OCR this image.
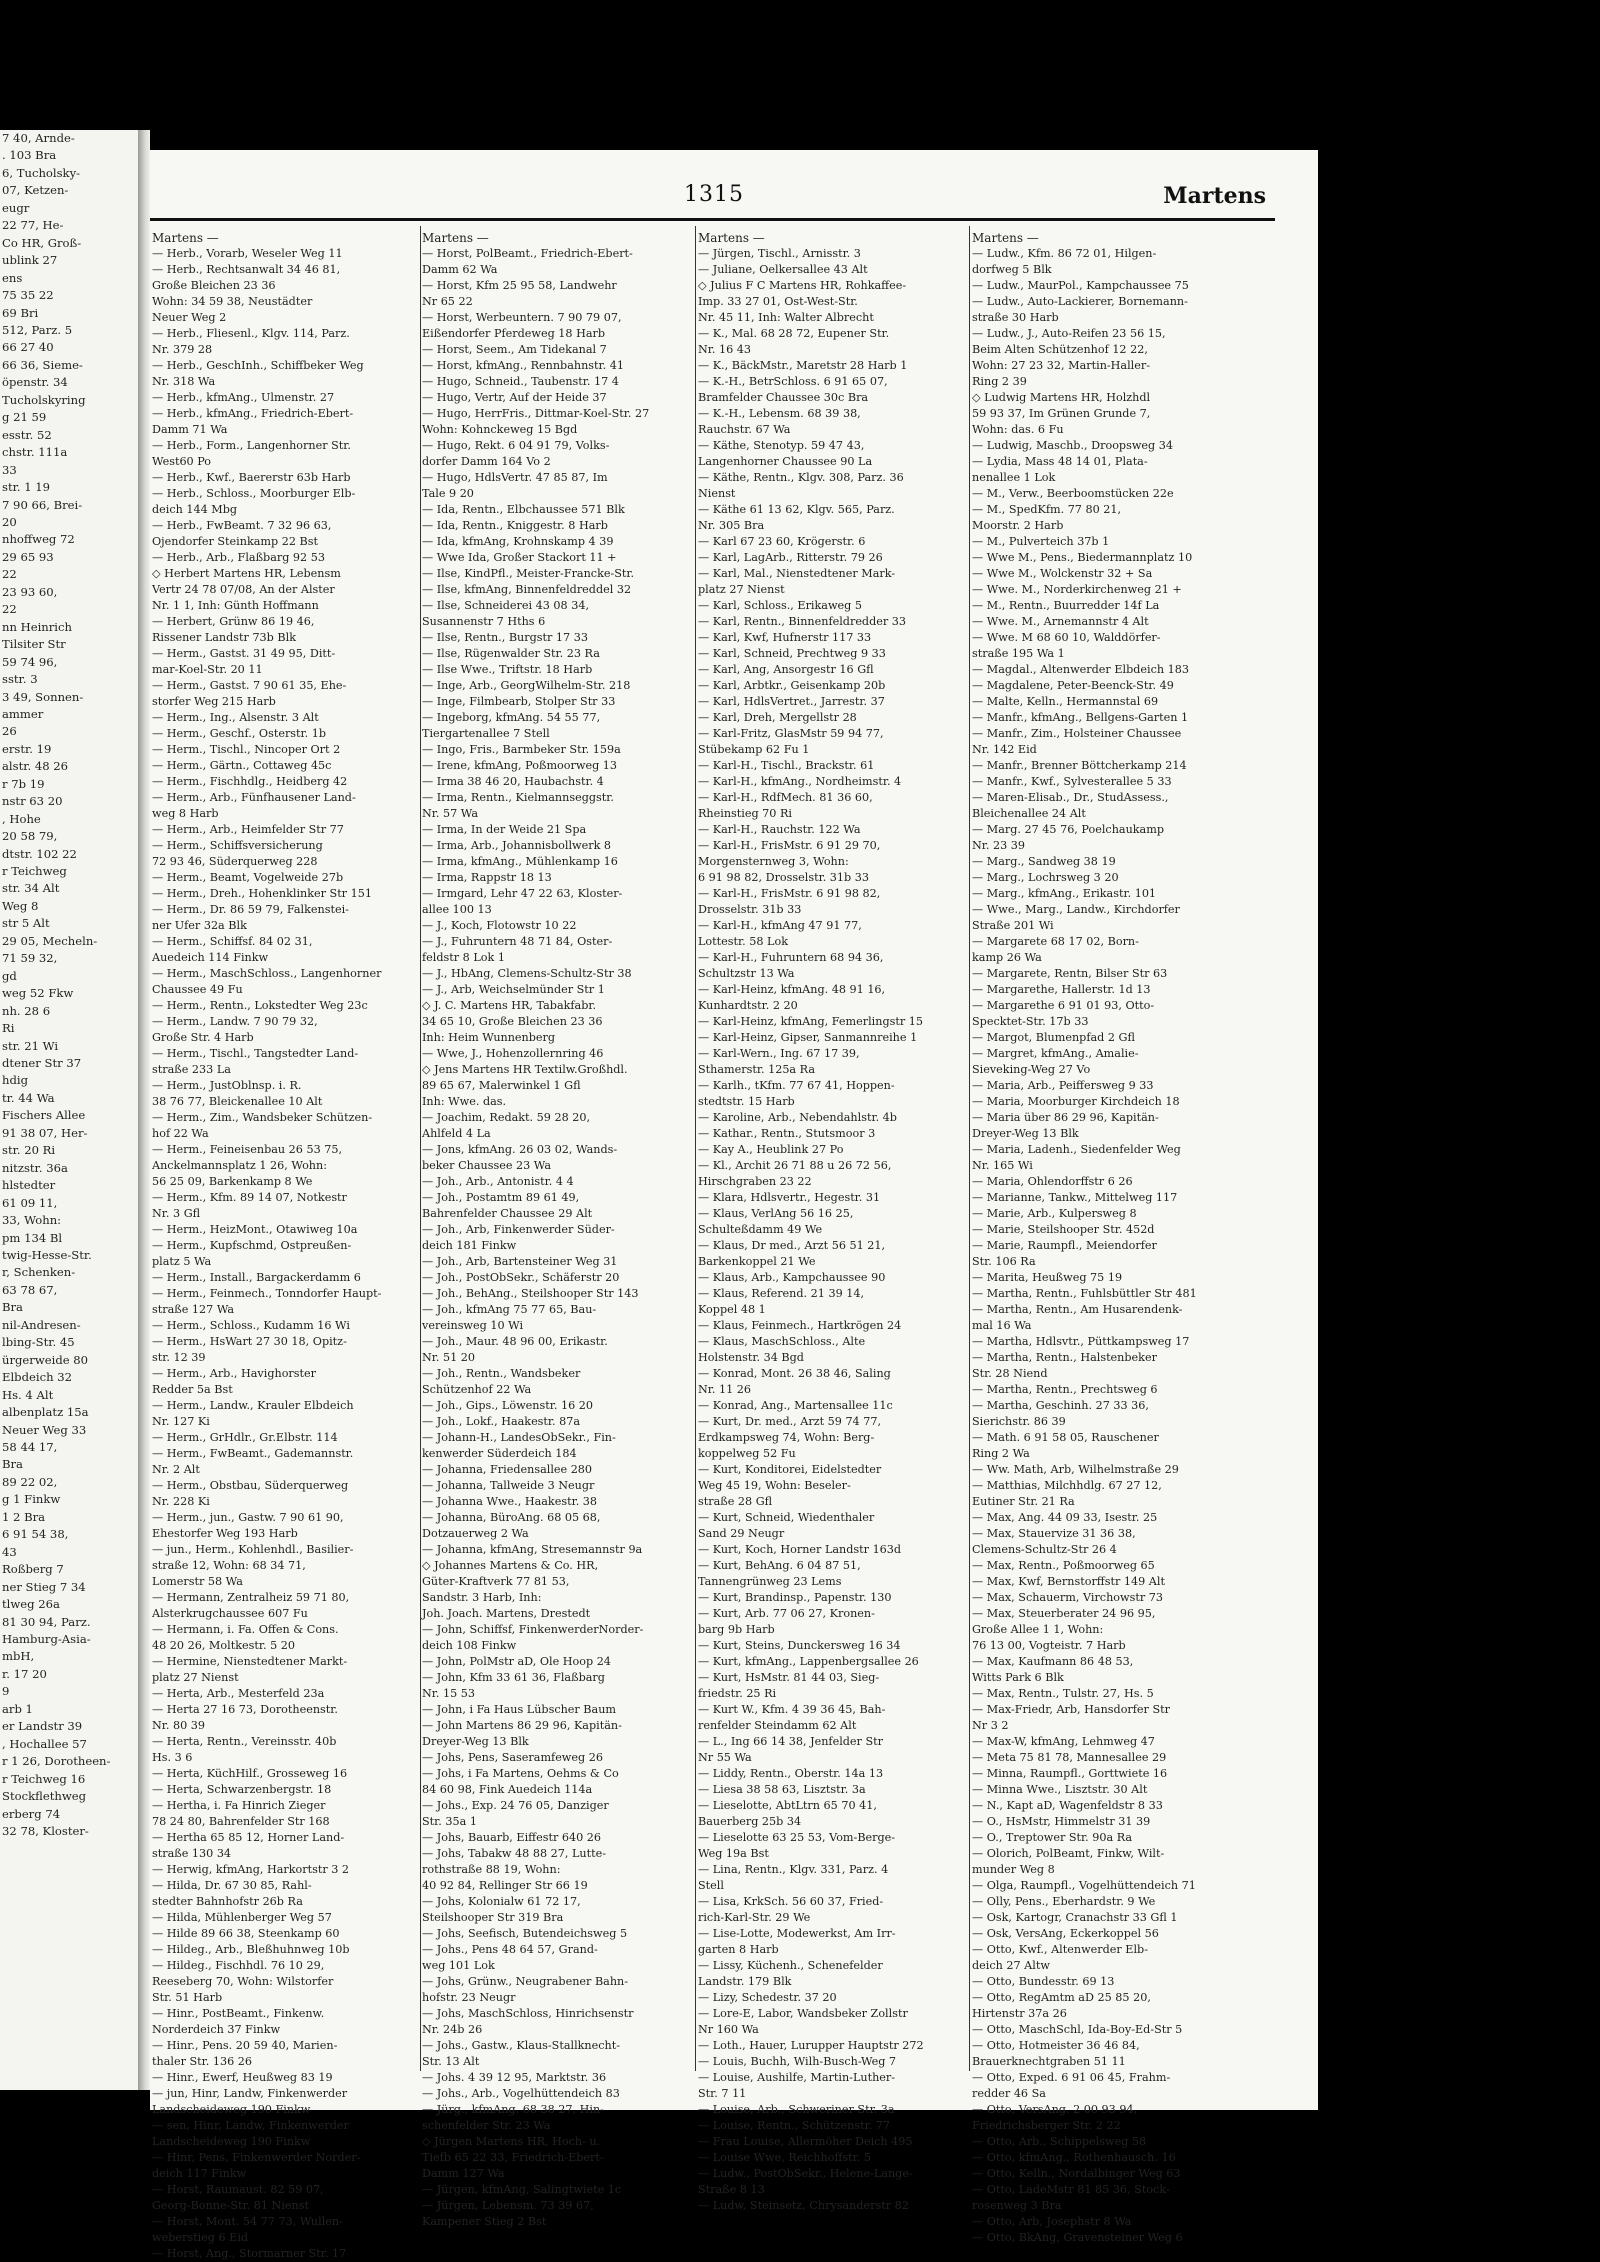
7 40, Arnde-
. 103 Bra
6, Tucholsky-
07, Ketzen-
eugr
22 77, He-
Co HR, Groß-
ublink 27
ens
75 35 22
69 Bri
512, Parz. 5
66 27 40
66 36, Sieme-
öpenstr. 34
Tucholskyring
g 21 59
esstr. 52
chstr. 111a
33
str. 1 19
7 90 66, Brei-
20
nhoffweg 72
29 65 93
22
23 93 60,
22
nn Heinrich
Tilsiter Str
59 74 96,
sstr. 3
3 49, Sonnen-
ammer
26
erstr. 19
alstr. 48 26
r 7b 19
nstr 63 20
, Hohe
20 58 79,
dtstr. 102 22
r Teichweg
str. 34 Alt
Weg 8
str 5 Alt
29 05, Mecheln-
71 59 32,
gd
weg 52 Fkw
nh. 28 6
Ri
str. 21 Wi
dtener Str 37
hdig
tr. 44 Wa
Fischers Allee
91 38 07, Her-
str. 20 Ri
nitzstr. 36a
hlstedter
61 09 11,
33, Wohn:
pm 134 Bl
twig-Hesse-Str.
r, Schenken-
63 78 67,
Bra
nil-Andresen-
lbing-Str. 45
ürgerweide 80
Elbdeich 32
Hs. 4 Alt
albenplatz 15a
Neuer Weg 33
58 44 17,
Bra
89 22 02,
g 1 Finkw
1 2 Bra
6 91 54 38,
43
Roßberg 7
ner Stieg 7 34
tlweg 26a
81 30 94, Parz.
Hamburg-Asia-
mbH,
r. 17 20
9
arb 1
er Landstr 39
, Hochallee 57
r 1 26, Dorotheen-
r Teichweg 16
Stockflethweg
erberg 74
32 78, Kloster-
1315	Martens
Martens —
— Herb., Vorarb, Weseler Weg 11
— Herb., Rechtsanwalt 34 46 81,
Große Bleichen 23 36
Wohn: 34 59 38, Neustädter
Neuer Weg 2
— Herb., Fliesenl., Klgv. 114, Parz.
Nr. 379 28
— Herb., GeschInh., Schiffbeker Weg
Nr. 318 Wa
— Herb., kfmAng., Ulmenstr. 27
— Herb., kfmAng., Friedrich-Ebert-
Damm 71 Wa
— Herb., Form., Langenhorner Str.
West60 Po
— Herb., Kwf., Baererstr 63b Harb
— Herb., Schloss., Moorburger Elb-
deich 144 Mbg
— Herb., FwBeamt. 7 32 96 63,
Ojendorfer Steinkamp 22 Bst
— Herb., Arb., Flaßbarg 92 53
◇ Herbert Martens HR, Lebensm
Vertr 24 78 07/08, An der Alster
Nr. 1 1, Inh: Günth Hoffmann
— Herbert, Grünw 86 19 46,
Rissener Landstr 73b Blk
— Herm., Gastst. 31 49 95, Ditt-
mar-Koel-Str. 20 11
— Herm., Gastst. 7 90 61 35, Ehe-
storfer Weg 215 Harb
— Herm., Ing., Alsenstr. 3 Alt
— Herm., Geschf., Osterstr. 1b
— Herm., Tischl., Nincoper Ort 2
— Herm., Gärtn., Cottaweg 45c
— Herm., Fischhdlg., Heidberg 42
— Herm., Arb., Fünfhausener Land-
weg 8 Harb
— Herm., Arb., Heimfelder Str 77
— Herm., Schiffsversicherung
72 93 46, Süderquerweg 228
— Herm., Beamt, Vogelweide 27b
— Herm., Dreh., Hohenklinker Str 151
— Herm., Dr. 86 59 79, Falkenstei-
ner Ufer 32a Blk
— Herm., Schiffsf. 84 02 31,
Auedeich 114 Finkw
— Herm., MaschSchloss., Langenhorner
Chaussee 49 Fu
— Herm., Rentn., Lokstedter Weg 23c
— Herm., Landw. 7 90 79 32,
Große Str. 4 Harb
— Herm., Tischl., Tangstedter Land-
straße 233 La
— Herm., JustOblnsp. i. R.
38 76 77, Bleickenallee 10 Alt
— Herm., Zim., Wandsbeker Schützen-
hof 22 Wa
— Herm., Feineisenbau 26 53 75,
Anckelmannsplatz 1 26, Wohn:
56 25 09, Barkenkamp 8 We
— Herm., Kfm. 89 14 07, Notkestr
Nr. 3 Gfl
— Herm., HeizMont., Otawiweg 10a
— Herm., Kupfschmd, Ostpreußen-
platz 5 Wa
— Herm., Install., Bargackerdamm 6
— Herm., Feinmech., Tonndorfer Haupt-
straße 127 Wa
— Herm., Schloss., Kudamm 16 Wi
— Herm., HsWart 27 30 18, Opitz-
str. 12 39
— Herm., Arb., Havighorster
Redder 5a Bst
— Herm., Landw., Krauler Elbdeich
Nr. 127 Ki
— Herm., GrHdlr., Gr.Elbstr. 114
— Herm., FwBeamt., Gademannstr.
Nr. 2 Alt
— Herm., Obstbau, Süderquerweg
Nr. 228 Ki
— Herm., jun., Gastw. 7 90 61 90,
Ehestorfer Weg 193 Harb
— jun., Herm., Kohlenhdl., Basilier-
straße 12, Wohn: 68 34 71,
Lomerstr 58 Wa
— Hermann, Zentralheiz 59 71 80,
Alsterkrugchaussee 607 Fu
— Hermann, i. Fa. Offen & Cons.
48 20 26, Moltkestr. 5 20
— Hermine, Nienstedtener Markt-
platz 27 Nienst
— Herta, Arb., Mesterfeld 23a
— Herta 27 16 73, Dorotheenstr.
Nr. 80 39
— Herta, Rentn., Vereinsstr. 40b
Hs. 3 6
— Herta, KüchHilf., Grosseweg 16
— Herta, Schwarzenbergstr. 18
— Hertha, i. Fa Hinrich Zieger
78 24 80, Bahrenfelder Str 168
— Hertha 65 85 12, Horner Land-
straße 130 34
— Herwig, kfmAng, Harkortstr 3 2
— Hilda, Dr. 67 30 85, Rahl-
stedter Bahnhofstr 26b Ra
— Hilda, Mühlenberger Weg 57
— Hilde 89 66 38, Steenkamp 60
— Hildeg., Arb., Bleßhuhnweg 10b
— Hildeg., Fischhdl. 76 10 29,
Reeseberg 70, Wohn: Wilstorfer
Str. 51 Harb
— Hinr., PostBeamt., Finkenw.
Norderdeich 37 Finkw
— Hinr., Pens. 20 59 40, Marien-
thaler Str. 136 26
— Hinr., Ewerf, Heußweg 83 19
— jun, Hinr, Landw, Finkenwerder
Landscheideweg 190 Finkw
— sen, Hinr, Landw, Finkenwerder
Landscheideweg 190 Finkw
— Hinr, Pens, Finkenwerder Norder-
deich 117 Finkw
— Horst, Raumaust. 82 59 07,
Georg-Bonne-Str. 81 Nienst
— Horst, Mont. 54 77 73, Wullen-
weberstieg 6 Eid
— Horst, Ang., Stormarner Str. 17
Martens —
— Horst, PolBeamt., Friedrich-Ebert-
Damm 62 Wa
— Horst, Kfm 25 95 58, Landwehr
Nr 65 22
— Horst, Werbeuntern. 7 90 79 07,
Eißendorfer Pferdeweg 18 Harb
— Horst, Seem., Am Tidekanal 7
— Horst, kfmAng., Rennbahnstr. 41
— Hugo, Schneid., Taubenstr. 17 4
— Hugo, Vertr, Auf der Heide 37
— Hugo, HerrFris., Dittmar-Koel-Str. 27
Wohn: Kohnckeweg 15 Bgd
— Hugo, Rekt. 6 04 91 79, Volks-
dorfer Damm 164 Vo 2
— Hugo, HdlsVertr. 47 85 87, Im
Tale 9 20
— Ida, Rentn., Elbchaussee 571 Blk
— Ida, Rentn., Kniggestr. 8 Harb
— Ida, kfmAng, Krohnskamp 4 39
— Wwe Ida, Großer Stackort 11 +
— Ilse, KindPfl., Meister-Francke-Str.
— Ilse, kfmAng, Binnenfeldreddel 32
— Ilse, Schneiderei 43 08 34,
Susannenstr 7 Hths 6
— Ilse, Rentn., Burgstr 17 33
— Ilse, Rügenwalder Str. 23 Ra
— Ilse Wwe., Triftstr. 18 Harb
— Inge, Arb., GeorgWilhelm-Str. 218
— Inge, Filmbearb, Stolper Str 33
— Ingeborg, kfmAng. 54 55 77,
Tiergartenallee 7 Stell
— Ingo, Fris., Barmbeker Str. 159a
— Irene, kfmAng, Poßmoorweg 13
— Irma 38 46 20, Haubachstr. 4
— Irma, Rentn., Kielmannseggstr.
Nr. 57 Wa
— Irma, In der Weide 21 Spa
— Irma, Arb., Johannisbollwerk 8
— Irma, kfmAng., Mühlenkamp 16
— Irma, Rappstr 18 13
— Irmgard, Lehr 47 22 63, Kloster-
allee 100 13
— J., Koch, Flotowstr 10 22
— J., Fuhruntern 48 71 84, Oster-
feldstr 8 Lok 1
— J., HbAng, Clemens-Schultz-Str 38
— J., Arb, Weichselmünder Str 1
◇ J. C. Martens HR, Tabakfabr.
34 65 10, Große Bleichen 23 36
Inh: Heim Wunnenberg
— Wwe, J., Hohenzollernring 46
◇ Jens Martens HR Textilw.Großhdl.
89 65 67, Malerwinkel 1 Gfl
Inh: Wwe. das.
— Joachim, Redakt. 59 28 20,
Ahlfeld 4 La
— Jons, kfmAng. 26 03 02, Wands-
beker Chaussee 23 Wa
— Joh., Arb., Antonistr. 4 4
— Joh., Postamtm 89 61 49,
Bahrenfelder Chaussee 29 Alt
— Joh., Arb, Finkenwerder Süder-
deich 181 Finkw
— Joh., Arb, Bartensteiner Weg 31
— Joh., PostObSekr., Schäferstr 20
— Joh., BehAng., Steilshooper Str 143
— Joh., kfmAng 75 77 65, Bau-
vereinsweg 10 Wi
— Joh., Maur. 48 96 00, Erikastr.
Nr. 51 20
— Joh., Rentn., Wandsbeker
Schützenhof 22 Wa
— Joh., Gips., Löwenstr. 16 20
— Joh., Lokf., Haakestr. 87a
— Johann-H., LandesObSekr., Fin-
kenwerder Süderdeich 184
— Johanna, Friedensallee 280
— Johanna, Tallweide 3 Neugr
— Johanna Wwe., Haakestr. 38
— Johanna, BüroAng. 68 05 68,
Dotzauerweg 2 Wa
— Johanna, kfmAng, Stresemannstr 9a
◇ Johannes Martens & Co. HR,
Güter-Kraftverk 77 81 53,
Sandstr. 3 Harb, Inh:
Joh. Joach. Martens, Drestedt
— John, Schiffsf, FinkenwerderNorder-
deich 108 Finkw
— John, PolMstr aD, Ole Hoop 24
— John, Kfm 33 61 36, Flaßbarg
Nr. 15 53
— John, i Fa Haus Lübscher Baum
— John Martens 86 29 96, Kapitän-
Dreyer-Weg 13 Blk
— Johs, Pens, Saseramfeweg 26
— Johs, i Fa Martens, Oehms & Co
84 60 98, Fink Auedeich 114a
— Johs., Exp. 24 76 05, Danziger
Str. 35a 1
— Johs, Bauarb, Eiffestr 640 26
— Johs, Tabakw 48 88 27, Lutte-
rothstraße 88 19, Wohn:
40 92 84, Rellinger Str 66 19
— Johs, Kolonialw 61 72 17,
Steilshooper Str 319 Bra
— Johs, Seefisch, Butendeichsweg 5
— Johs., Pens 48 64 57, Grand-
weg 101 Lok
— Johs, Grünw., Neugrabener Bahn-
hofstr. 23 Neugr
— Johs, MaschSchloss, Hinrichsenstr
Nr. 24b 26
— Johs., Gastw., Klaus-Stallknecht-
Str. 13 Alt
— Johs. 4 39 12 95, Marktstr. 36
— Johs., Arb., Vogelhüttendeich 83
— Jürg., kfmAng. 68 38 27, Hin-
schenfelder Str. 23 Wa
◇ Jürgen Martens HR, Hoch- u.
Tiefb 65 22 33, Friedrich-Ebert-
Damm 127 Wa
— Jürgen, kfmAng, Salingtwiete 1c
— Jürgen, Lebensm. 73 39 67,
Kampener Stieg 2 Bst
Martens —
— Jürgen, Tischl., Arnisstr. 3
— Juliane, Oelkersallee 43 Alt
◇ Julius F C Martens HR, Rohkaffee-
Imp. 33 27 01, Ost-West-Str.
Nr. 45 11, Inh: Walter Albrecht
— K., Mal. 68 28 72, Eupener Str.
Nr. 16 43
— K., BäckMstr., Maretstr 28 Harb 1
— K.-H., BetrSchloss. 6 91 65 07,
Bramfelder Chaussee 30c Bra
— K.-H., Lebensm. 68 39 38,
Rauchstr. 67 Wa
— Käthe, Stenotyp. 59 47 43,
Langenhorner Chaussee 90 La
— Käthe, Rentn., Klgv. 308, Parz. 36
Nienst
— Käthe 61 13 62, Klgv. 565, Parz.
Nr. 305 Bra
— Karl 67 23 60, Krögerstr. 6
— Karl, LagArb., Ritterstr. 79 26
— Karl, Mal., Nienstedtener Mark-
platz 27 Nienst
— Karl, Schloss., Erikaweg 5
— Karl, Rentn., Binnenfeldredder 33
— Karl, Kwf, Hufnerstr 117 33
— Karl, Schneid, Prechtweg 9 33
— Karl, Ang, Ansorgestr 16 Gfl
— Karl, Arbtkr., Geisenkamp 20b
— Karl, HdlsVertret., Jarrestr. 37
— Karl, Dreh, Mergellstr 28
— Karl-Fritz, GlasMstr 59 94 77,
Stübekamp 62 Fu 1
— Karl-H., Tischl., Brackstr. 61
— Karl-H., kfmAng., Nordheimstr. 4
— Karl-H., RdfMech. 81 36 60,
Rheinstieg 70 Ri
— Karl-H., Rauchstr. 122 Wa
— Karl-H., FrisMstr. 6 91 29 70,
Morgensternweg 3, Wohn:
6 91 98 82, Drosselstr. 31b 33
— Karl-H., FrisMstr. 6 91 98 82,
Drosselstr. 31b 33
— Karl-H., kfmAng 47 91 77,
Lottestr. 58 Lok
— Karl-H., Fuhruntern 68 94 36,
Schultzstr 13 Wa
— Karl-Heinz, kfmAng. 48 91 16,
Kunhardtstr. 2 20
— Karl-Heinz, kfmAng, Femerlingstr 15
— Karl-Heinz, Gipser, Sanmannreihe 1
— Karl-Wern., Ing. 67 17 39,
Sthamerstr. 125a Ra
— Karlh., tKfm. 77 67 41, Hoppen-
stedtstr. 15 Harb
— Karoline, Arb., Nebendahlstr. 4b
— Kathar., Rentn., Stutsmoor 3
— Kay A., Heublink 27 Po
— Kl., Archit 26 71 88 u 26 72 56,
Hirschgraben 23 22
— Klara, Hdlsvertr., Hegestr. 31
— Klaus, VerlAng 56 16 25,
Schulteßdamm 49 We
— Klaus, Dr med., Arzt 56 51 21,
Barkenkoppel 21 We
— Klaus, Arb., Kampchaussee 90
— Klaus, Referend. 21 39 14,
Koppel 48 1
— Klaus, Feinmech., Hartkrögen 24
— Klaus, MaschSchloss., Alte
Holstenstr. 34 Bgd
— Konrad, Mont. 26 38 46, Saling
Nr. 11 26
— Konrad, Ang., Martensallee 11c
— Kurt, Dr. med., Arzt 59 74 77,
Erdkampsweg 74, Wohn: Berg-
koppelweg 52 Fu
— Kurt, Konditorei, Eidelstedter
Weg 45 19, Wohn: Beseler-
straße 28 Gfl
— Kurt, Schneid, Wiedenthaler
Sand 29 Neugr
— Kurt, Koch, Horner Landstr 163d
— Kurt, BehAng. 6 04 87 51,
Tannengrünweg 23 Lems
— Kurt, Brandinsp., Papenstr. 130
— Kurt, Arb. 77 06 27, Kronen-
barg 9b Harb
— Kurt, Steins, Dunckersweg 16 34
— Kurt, kfmAng., Lappenbergsallee 26
— Kurt, HsMstr. 81 44 03, Sieg-
friedstr. 25 Ri
— Kurt W., Kfm. 4 39 36 45, Bah-
renfelder Steindamm 62 Alt
— L., Ing 66 14 38, Jenfelder Str
Nr 55 Wa
— Liddy, Rentn., Oberstr. 14a 13
— Liesa 38 58 63, Lisztstr. 3a
— Lieselotte, AbtLtrn 65 70 41,
Bauerberg 25b 34
— Lieselotte 63 25 53, Vom-Berge-
Weg 19a Bst
— Lina, Rentn., Klgv. 331, Parz. 4
Stell
— Lisa, KrkSch. 56 60 37, Fried-
rich-Karl-Str. 29 We
— Lise-Lotte, Modewerkst, Am Irr-
garten 8 Harb
— Lissy, Küchenh., Schenefelder
Landstr. 179 Blk
— Lizy, Schedestr. 37 20
— Lore-E, Labor, Wandsbeker Zollstr
Nr 160 Wa
— Loth., Hauer, Lurupper Hauptstr 272
— Louis, Buchh, Wilh-Busch-Weg 7
— Louise, Aushilfe, Martin-Luther-
Str. 7 11
— Louise, Arb., Schweriner Str. 3a
— Louise, Rentn., Schützenstr. 77
— Frau Louise, Allermöher Deich 495
— Louise Wwe, Reichhoffstr. 5
— Ludw., PostObSekr., Helene-Lange-
Straße 8 13
— Ludw, Steinsetz, Chrysanderstr 82
Martens —
— Ludw., Kfm. 86 72 01, Hilgen-
dorfweg 5 Blk
— Ludw., MaurPol., Kampchaussee 75
— Ludw., Auto-Lackierer, Bornemann-
straße 30 Harb
— Ludw., J., Auto-Reifen 23 56 15,
Beim Alten Schützenhof 12 22,
Wohn: 27 23 32, Martin-Haller-
Ring 2 39
◇ Ludwig Martens HR, Holzhdl
59 93 37, Im Grünen Grunde 7,
Wohn: das. 6 Fu
— Ludwig, Maschb., Droopsweg 34
— Lydia, Mass 48 14 01, Plata-
nenallee 1 Lok
— M., Verw., Beerboomstücken 22e
— M., SpedKfm. 77 80 21,
Moorstr. 2 Harb
— M., Pulverteich 37b 1
— Wwe M., Pens., Biedermannplatz 10
— Wwe M., Wolckenstr 32 + Sa
— Wwe. M., Norderkirchenweg 21 +
— M., Rentn., Buurredder 14f La
— Wwe. M., Arnemannstr 4 Alt
— Wwe. M 68 60 10, Walddörfer-
straße 195 Wa 1
— Magdal., Altenwerder Elbdeich 183
— Magdalene, Peter-Beenck-Str. 49
— Malte, Kelln., Hermannstal 69
— Manfr., kfmAng., Bellgens-Garten 1
— Manfr., Zim., Holsteiner Chaussee
Nr. 142 Eid
— Manfr., Brenner Böttcherkamp 214
— Manfr., Kwf., Sylvesterallee 5 33
— Maren-Elisab., Dr., StudAssess.,
Bleichenallee 24 Alt
— Marg. 27 45 76, Poelchaukamp
Nr. 23 39
— Marg., Sandweg 38 19
— Marg., Lochrsweg 3 20
— Marg., kfmAng., Erikastr. 101
— Wwe., Marg., Landw., Kirchdorfer
Straße 201 Wi
— Margarete 68 17 02, Born-
kamp 26 Wa
— Margarete, Rentn, Bilser Str 63
— Margarethe, Hallerstr. 1d 13
— Margarethe 6 91 01 93, Otto-
Specktet-Str. 17b 33
— Margot, Blumenpfad 2 Gfl
— Margret, kfmAng., Amalie-
Sieveking-Weg 27 Vo
— Maria, Arb., Peiffersweg 9 33
— Maria, Moorburger Kirchdeich 18
— Maria über 86 29 96, Kapitän-
Dreyer-Weg 13 Blk
— Maria, Ladenh., Siedenfelder Weg
Nr. 165 Wi
— Maria, Ohlendorffstr 6 26
— Marianne, Tankw., Mittelweg 117
— Marie, Arb., Kulpersweg 8
— Marie, Steilshooper Str. 452d
— Marie, Raumpfl., Meiendorfer
Str. 106 Ra
— Marita, Heußweg 75 19
— Martha, Rentn., Fuhlsbüttler Str 481
— Martha, Rentn., Am Husarendenk-
mal 16 Wa
— Martha, Hdlsvtr., Püttkampsweg 17
— Martha, Rentn., Halstenbeker
Str. 28 Niend
— Martha, Rentn., Prechtsweg 6
— Martha, Geschinh. 27 33 36,
Sierichstr. 86 39
— Math. 6 91 58 05, Rauschener
Ring 2 Wa
— Ww. Math, Arb, Wilhelmstraße 29
— Matthias, Milchhdlg. 67 27 12,
Eutiner Str. 21 Ra
— Max, Ang. 44 09 33, Isestr. 25
— Max, Stauervize 31 36 38,
Clemens-Schultz-Str 26 4
— Max, Rentn., Poßmoorweg 65
— Max, Kwf, Bernstorffstr 149 Alt
— Max, Schauerm, Virchowstr 73
— Max, Steuerberater 24 96 95,
Große Allee 1 1, Wohn:
76 13 00, Vogteistr. 7 Harb
— Max, Kaufmann 86 48 53,
Witts Park 6 Blk
— Max, Rentn., Tulstr. 27, Hs. 5
— Max-Friedr, Arb, Hansdorfer Str
Nr 3 2
— Max-W, kfmAng, Lehmweg 47
— Meta 75 81 78, Mannesallee 29
— Minna, Raumpfl., Gorttwiete 16
— Minna Wwe., Lisztstr. 30 Alt
— N., Kapt aD, Wagenfeldstr 8 33
— O., HsMstr, Himmelstr 31 39
— O., Treptower Str. 90a Ra
— Olorich, PolBeamt, Finkw, Wilt-
munder Weg 8
— Olga, Raumpfl., Vogelhüttendeich 71
— Olly, Pens., Eberhardstr. 9 We
— Osk, Kartogr, Cranachstr 33 Gfl 1
— Osk, VersAng, Eckerkoppel 56
— Otto, Kwf., Altenwerder Elb-
deich 27 Altw
— Otto, Bundesstr. 69 13
— Otto, RegAmtm aD 25 85 20,
Hirtenstr 37a 26
— Otto, MaschSchl, Ida-Boy-Ed-Str 5
— Otto, Hotmeister 36 46 84,
Brauerknechtgraben 51 11
— Otto, Exped. 6 91 06 45, Frahm-
redder 46 Sa
— Otto, VersAng. 2 00 93 94,
Friedrichsberger Str. 2 22
— Otto, Arb., Schippelsweg 58
— Otto, kfmAng., Rothenhausch. 16
— Otto, Kelln., Nordalbinger Weg 63
— Otto, LadeMstr 81 85 36, Stock-
rosenweg 3 Bra
— Otto, Arb, Josephstr 8 Wa
— Otto, BkAng, Gravensteiner Weg 6
